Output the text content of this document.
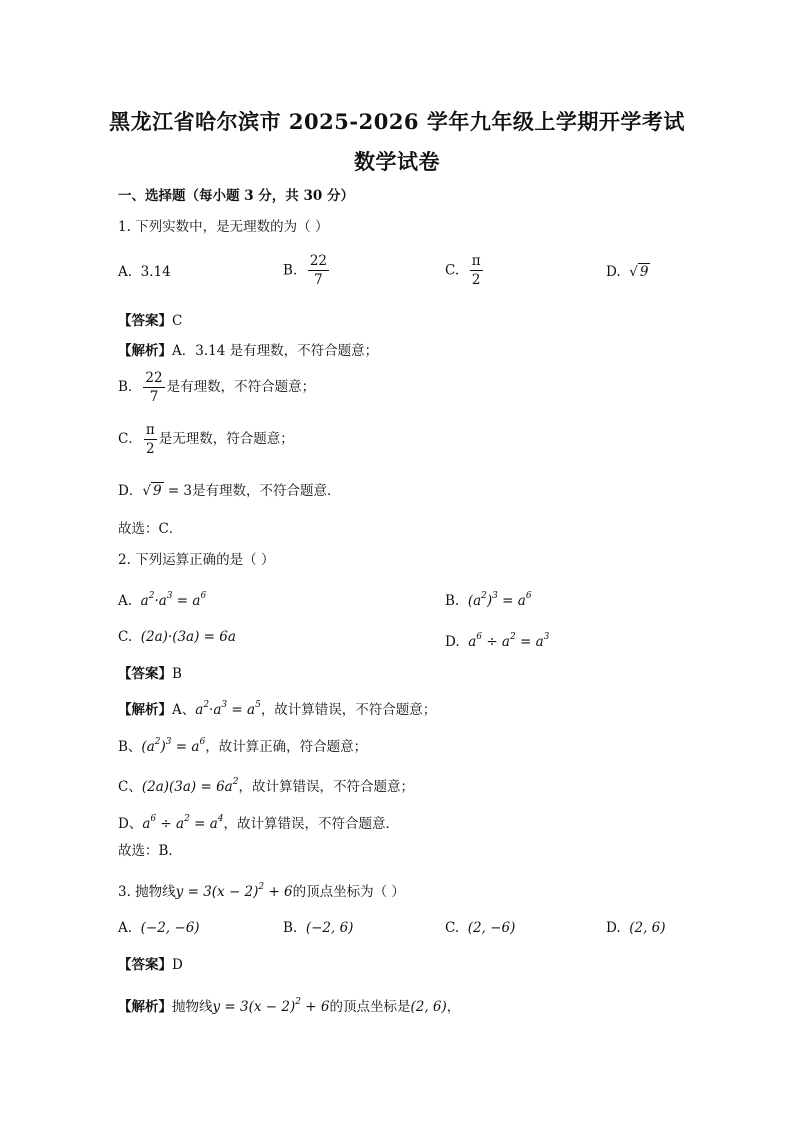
黑龙江省哈尔滨市 2025-2026 学年九年级上学期开学考试
数学试卷
一、选择题（每小题 3 分，共 30 分）
1. 下列实数中，是无理数的为（ ）
A. 3.14	B. $\frac{22}{7}$	C. $\frac{\pi}{2}$	D. √ 9
【答案】C
【解析】A．3.14 是有理数，不符合题意；
B． $\frac{22}{7}$ 是有理数，不符合题意；
C． $\frac{\pi}{2}$ 是无理数，符合题意；
D．√ 9 = 3是有理数，不符合题意．
故选：C．
2. 下列运算正确的是（ ）
A. $a^2\cdot a^3 = a^6$	B. $(a^2)^3 = a^6$
C. (2a)·(3a) = 6a	D. $a^6 \div a^2 = a^3$
【答案】B
【解析】A、$a^2\cdot a^3 = a^5$，故计算错误，不符合题意；
B、$(a^2)^3 = a^6$，故计算正确，符合题意；
C、$(2a)(3a) = 6a^2$，故计算错误，不符合题意；
D、$a^6 \div a^2 = a^4$，故计算错误，不符合题意．
故选：B．
3. 抛物线$y = 3(x - 2)^2 + 6$的顶点坐标为（ ）
A. (−2, −6)	B. (−2, 6)	C. (2, −6)	D. (2, 6)
【答案】D
【解析】抛物线$y = 3(x - 2)^2 + 6$的顶点坐标是(2, 6)，
